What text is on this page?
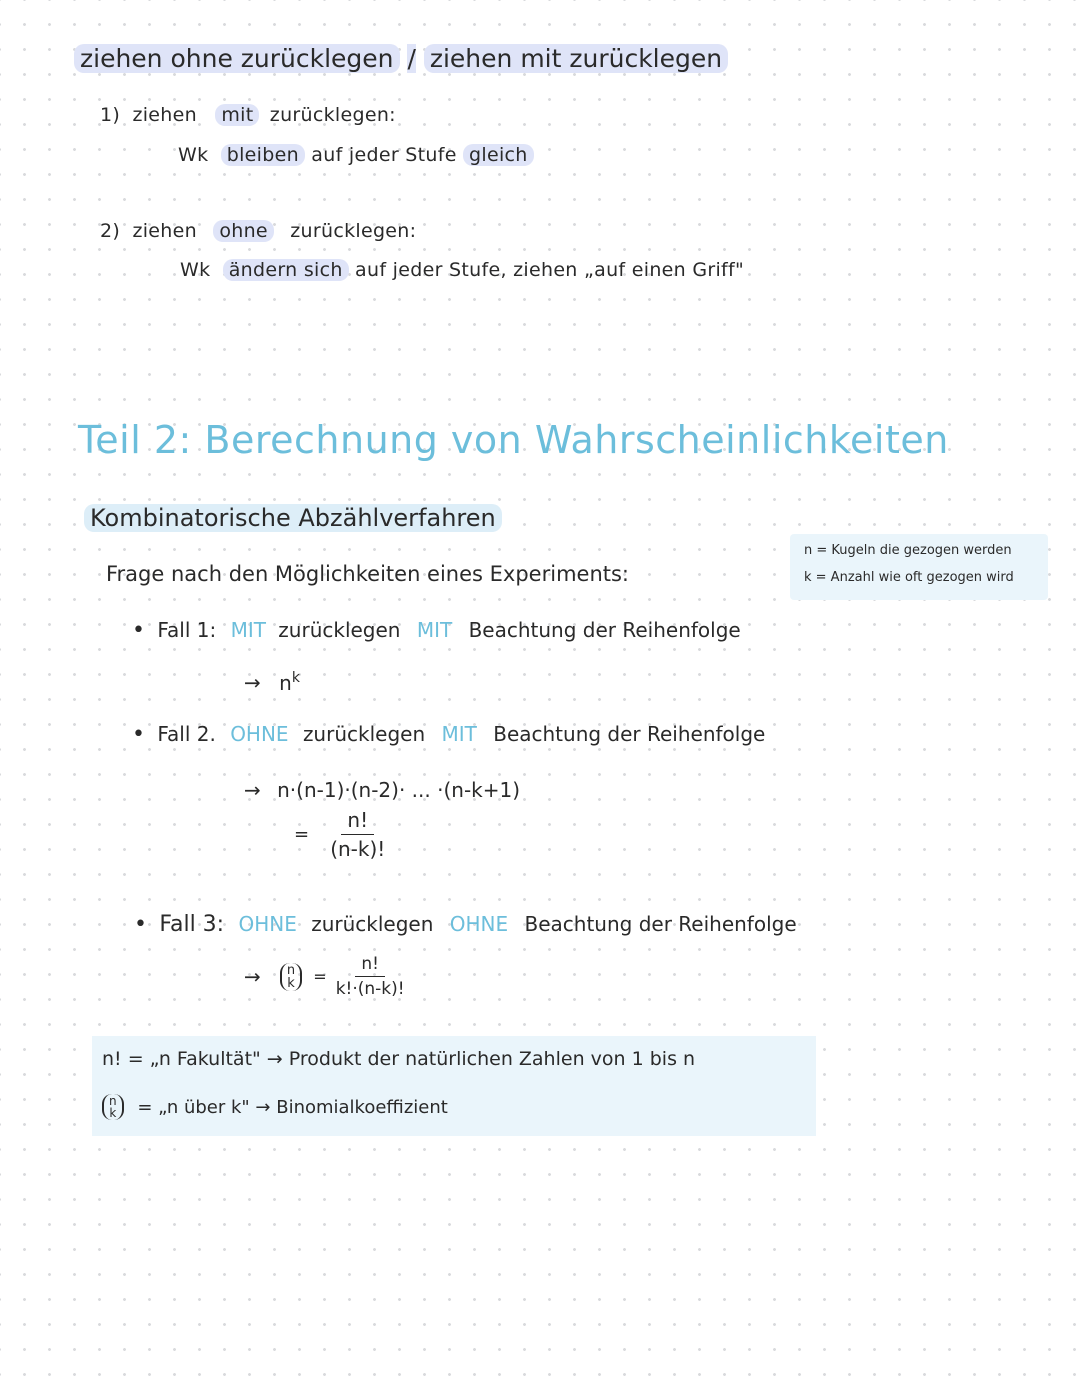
ziehen ohne zurücklegen / ziehen mit zurücklegen
1) ziehen mit zurücklegen:
Wk bleiben auf jeder Stufe gleich
2) ziehen ohne zurücklegen:
Wk ändern sich auf jeder Stufe, ziehen „auf einen Griff"
Teil 2: Berechnung von Wahrscheinlichkeiten
Kombinatorische Abzählverfahren
n = Kugeln die gezogen werden
k = Anzahl wie oft gezogen wird
Frage nach den Möglichkeiten eines Experiments:
• Fall 1: MIT zurücklegen MIT Beachtung der Reihenfolge
→ $n^k$
• Fall 2. OHNE zurücklegen MIT Beachtung der Reihenfolge
→ n·(n-1)·(n-2)· ... ·(n-k+1)
= $\frac{n!}{(n-k)!}$
• Fall 3: OHNE zurücklegen OHNE Beachtung der Reihenfolge
→ n
$k = \frac{n!}{k!\cdot(n-k)!}$
n! = „n Fakultät" → Produkt der natürlichen Zahlen von 1 bis n
n
k = „n über k" → Binomialkoeffizient
